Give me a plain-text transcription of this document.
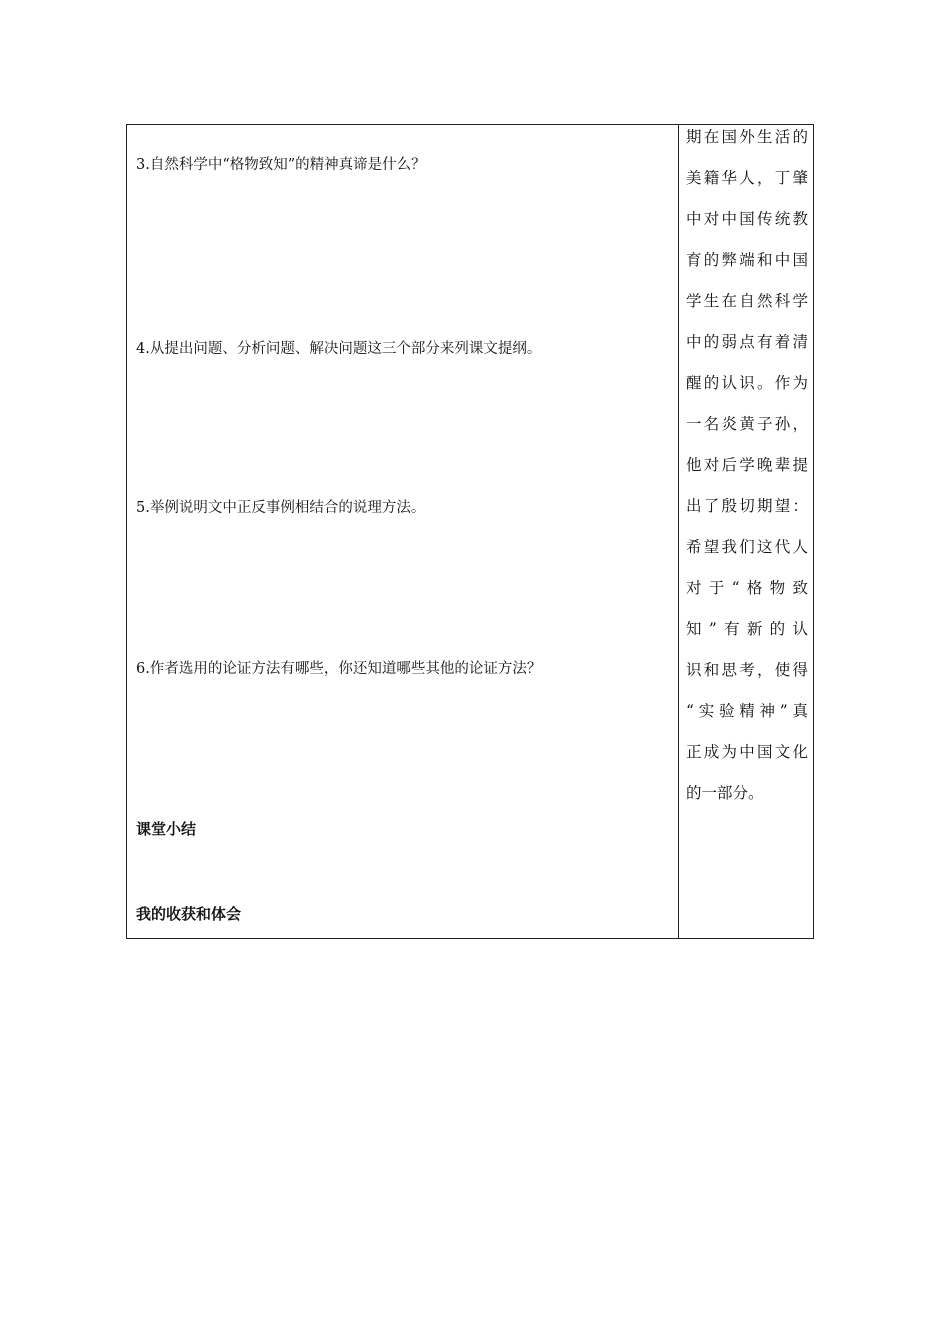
3.自然科学中“格物致知”的精神真谛是什么？
4.从提出问题、分析问题、解决问题这三个部分来列课文提纲。
5.举例说明文中正反事例相结合的说理方法。
6.作者选用的论证方法有哪些，你还知道哪些其他的论证方法？
课堂小结
我的收获和体会
期在国外生活的
美籍华人，丁肇
中对中国传统教
育的弊端和中国
学生在自然科学
中的弱点有着清
醒的认识。作为
一名炎黄子孙，
他对后学晚辈提
出了殷切期望：
希望我们这代人
对于“格物致
知”有新的认
识和思考，使得
“实验精神”真
正成为中国文化
的一部分。
